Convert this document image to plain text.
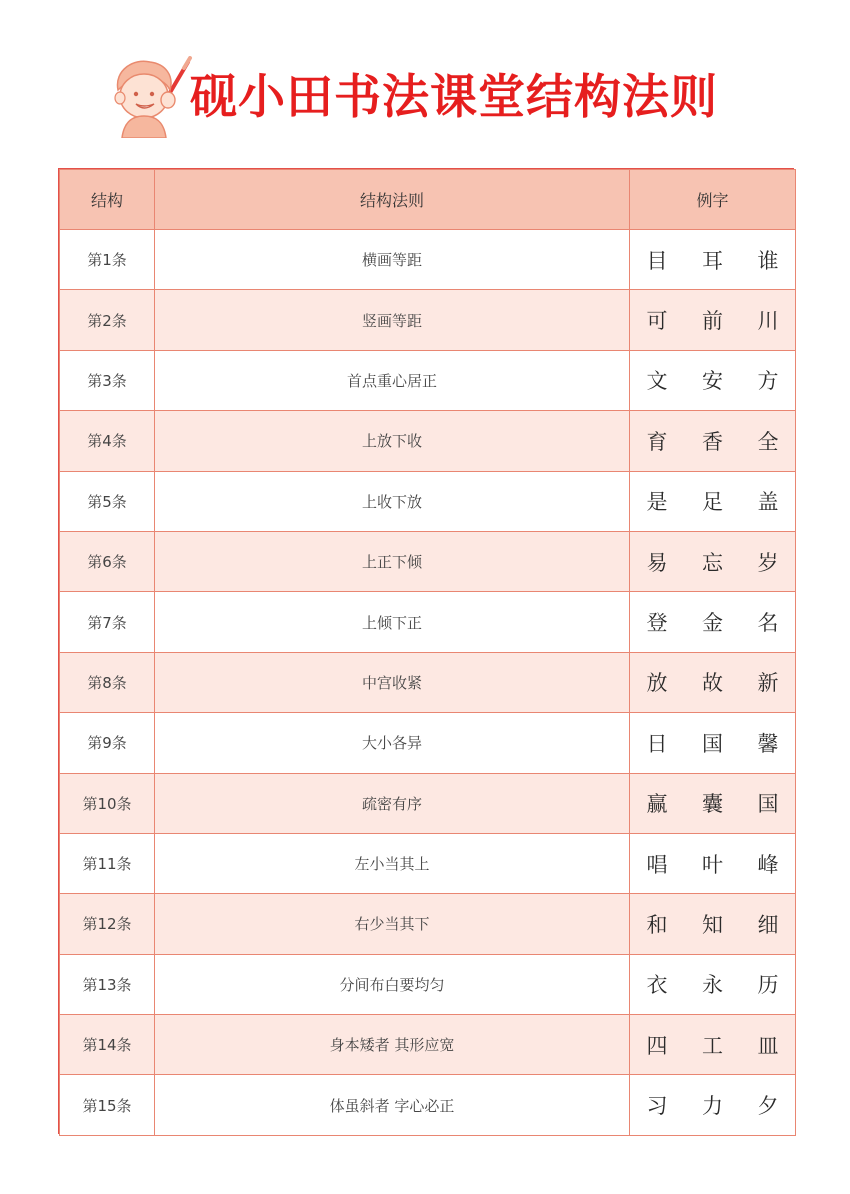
砚小田书法课堂结构法则
结构	结构法则	例字
第1条	横画等距	目 耳 谁

第2条	竖画等距	可 前 川

第3条	首点重心居正	文 安 方

第4条	上放下收	育 香 全

第5条	上收下放	是 足 盖

第6条	上正下倾	易 忘 岁

第7条	上倾下正	登 金 名

第8条	中宫收紧	放 故 新

第9条	大小各异	日 国 馨

第10条	疏密有序	赢 囊 国

第11条	左小当其上	唱 叶 峰

第12条	右少当其下	和 知 细

第13条	分间布白要均匀	衣 永 历

第14条	身本矮者 其形应宽	四 工 皿

第15条	体虽斜者 字心必正	习 力 夕
